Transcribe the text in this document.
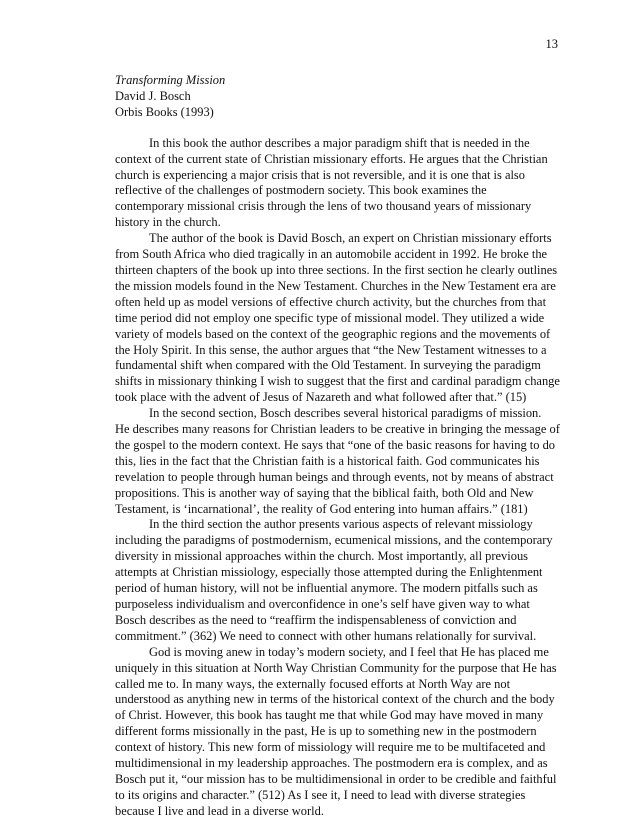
13
Transforming Mission
David J. Bosch
Orbis Books (1993)
In this book the author describes a major paradigm shift that is needed in the
context of the current state of Christian missionary efforts. He argues that the Christian
church is experiencing a major crisis that is not reversible, and it is one that is also
reflective of the challenges of postmodern society. This book examines the
contemporary missional crisis through the lens of two thousand years of missionary
history in the church.
The author of the book is David Bosch, an expert on Christian missionary efforts
from South Africa who died tragically in an automobile accident in 1992. He broke the
thirteen chapters of the book up into three sections. In the first section he clearly outlines
the mission models found in the New Testament. Churches in the New Testament era are
often held up as model versions of effective church activity, but the churches from that
time period did not employ one specific type of missional model. They utilized a wide
variety of models based on the context of the geographic regions and the movements of
the Holy Spirit. In this sense, the author argues that “the New Testament witnesses to a
fundamental shift when compared with the Old Testament. In surveying the paradigm
shifts in missionary thinking I wish to suggest that the first and cardinal paradigm change
took place with the advent of Jesus of Nazareth and what followed after that.” (15)
In the second section, Bosch describes several historical paradigms of mission.
He describes many reasons for Christian leaders to be creative in bringing the message of
the gospel to the modern context. He says that “one of the basic reasons for having to do
this, lies in the fact that the Christian faith is a historical faith. God communicates his
revelation to people through human beings and through events, not by means of abstract
propositions. This is another way of saying that the biblical faith, both Old and New
Testament, is ‘incarnational’, the reality of God entering into human affairs.” (181)
In the third section the author presents various aspects of relevant missiology
including the paradigms of postmodernism, ecumenical missions, and the contemporary
diversity in missional approaches within the church. Most importantly, all previous
attempts at Christian missiology, especially those attempted during the Enlightenment
period of human history, will not be influential anymore. The modern pitfalls such as
purposeless individualism and overconfidence in one’s self have given way to what
Bosch describes as the need to “reaffirm the indispensableness of conviction and
commitment.” (362) We need to connect with other humans relationally for survival.
God is moving anew in today’s modern society, and I feel that He has placed me
uniquely in this situation at North Way Christian Community for the purpose that He has
called me to. In many ways, the externally focused efforts at North Way are not
understood as anything new in terms of the historical context of the church and the body
of Christ. However, this book has taught me that while God may have moved in many
different forms missionally in the past, He is up to something new in the postmodern
context of history. This new form of missiology will require me to be multifaceted and
multidimensional in my leadership approaches. The postmodern era is complex, and as
Bosch put it, “our mission has to be multidimensional in order to be credible and faithful
to its origins and character.” (512) As I see it, I need to lead with diverse strategies
because I live and lead in a diverse world.
